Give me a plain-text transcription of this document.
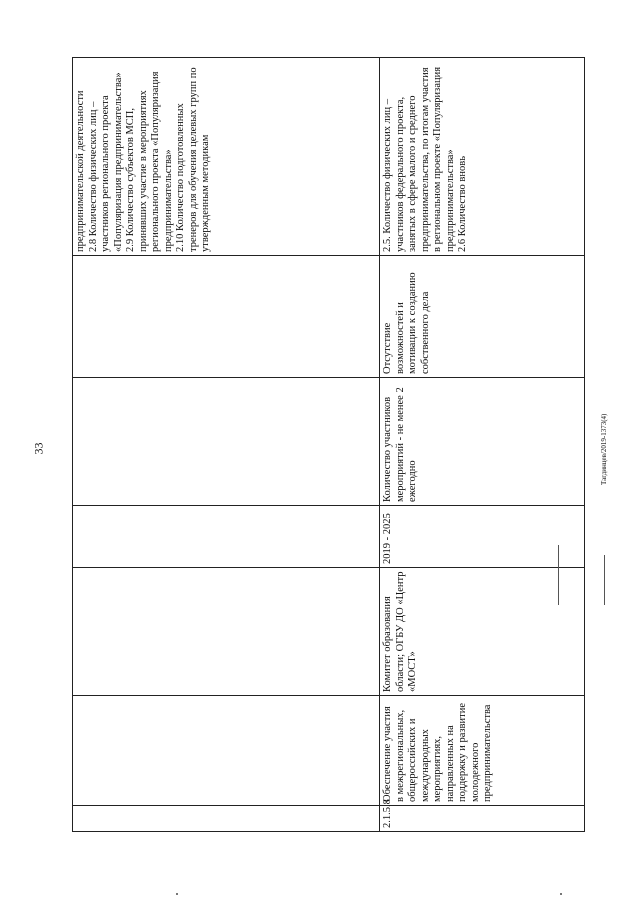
33
						предпринимательской деятельности
2.8 Количество физических лиц – участников регионального проекта «Популяризация предпринимательства»
2.9 Количество субъектов МСП, принявших участие в мероприятиях регионального проекта «Популяризация предпринимательства»
2.10 Количество подготовленных тренеров для обучения целевых групп по утвержденным методикам
2.1.5.8	Обеспечение участия в межрегиональных, общероссийских и международных мероприятиях, направленных на поддержку и развитие молодежного предпринимательства	Комитет образования области; ОГБУ ДО «Центр «МОСТ»	2019 - 2025	Количество участников мероприятий - не менее 2 ежегодно	Отсутствие возможностей и мотивации к созданию собственного дела	2.5. Количество физических лиц – участников федерального проекта, занятых в сфере малого и среднего предпринимательства, по итогам участия в региональном проекте «Популяризация предпринимательства»
2.6 Количество вновь
Тагдинцев/2019-1373(4)
